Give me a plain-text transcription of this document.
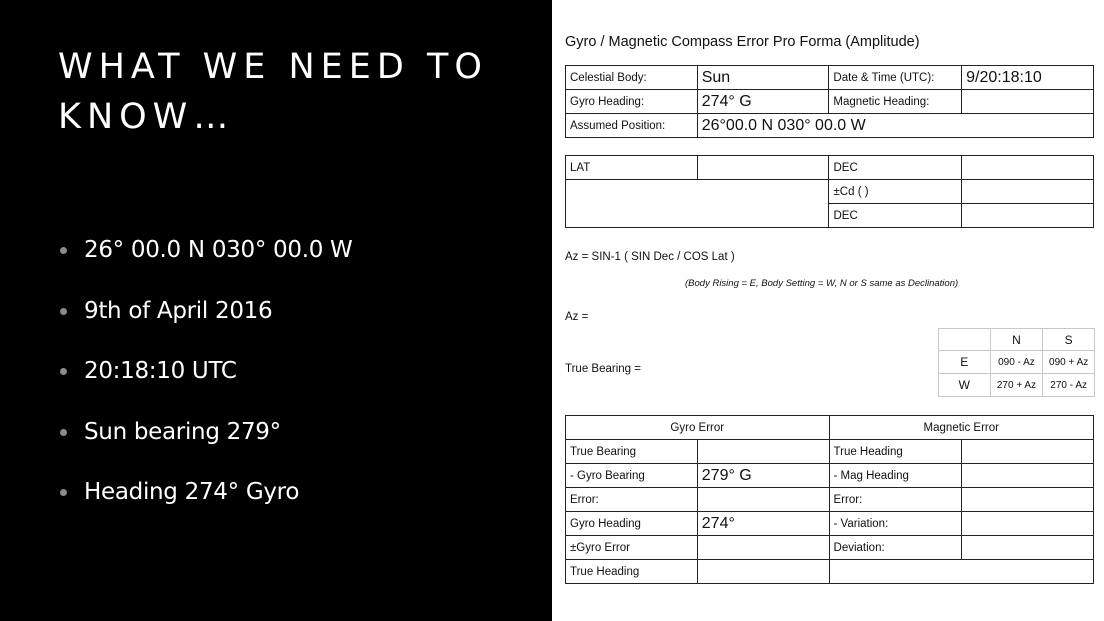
WHAT WE NEED TO
KNOW…
26° 00.0 N 030° 00.0 W
9th of April 2016
20:18:10 UTC
Sun bearing 279°
Heading 274° Gyro
Gyro / Magnetic Compass Error Pro Forma (Amplitude)
Celestial Body:	Sun	Date & Time (UTC):	9/20:18:10
Gyro Heading:	274° G	Magnetic Heading:	
Assumed Position:	26°00.0 N 030° 00.0 W		
LAT		DEC	
		±Cd ( )	
		DEC	
Az = SIN-1 ( SIN Dec / COS Lat )
(Body Rising = E, Body Setting = W, N or S same as Declination)
Az =
True Bearing =
	N	S
E	090 - Az	090 + Az
W	270 + Az	270 - Az
Gyro Error		Magnetic Error	
True Bearing		True Heading	
- Gyro Bearing	279° G	- Mag Heading	
Error:		Error:	
Gyro Heading	274°	- Variation:	
±Gyro Error		Deviation:	
True Heading			
